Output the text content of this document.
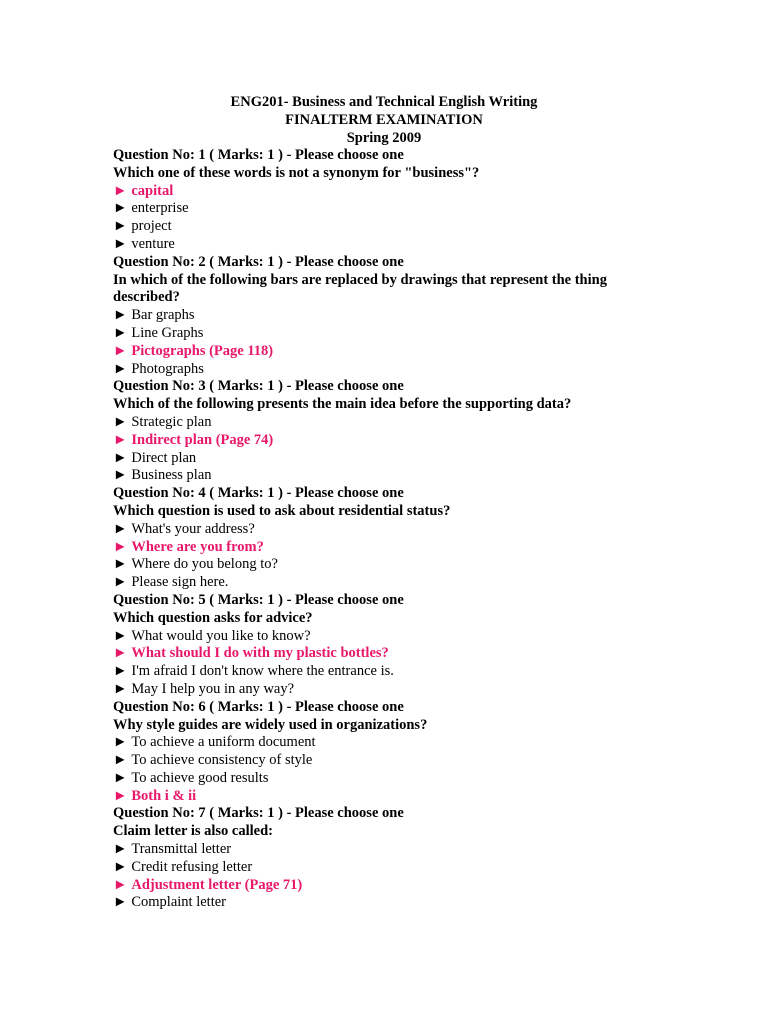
ENG201- Business and Technical English Writing
FINALTERM EXAMINATION
Spring 2009
Question No: 1 ( Marks: 1 ) - Please choose one
Which one of these words is not a synonym for "business"?
► capital
► enterprise
► project
► venture
Question No: 2 ( Marks: 1 ) - Please choose one
In which of the following bars are replaced by drawings that represent the thing described?
► Bar graphs
► Line Graphs
► Pictographs (Page 118)
► Photographs
Question No: 3 ( Marks: 1 ) - Please choose one
Which of the following presents the main idea before the supporting data?
► Strategic plan
► Indirect plan (Page 74)
► Direct plan
► Business plan
Question No: 4 ( Marks: 1 ) - Please choose one
Which question is used to ask about residential status?
► What's your address?
► Where are you from?
► Where do you belong to?
► Please sign here.
Question No: 5 ( Marks: 1 ) - Please choose one
Which question asks for advice?
► What would you like to know?
► What should I do with my plastic bottles?
► I'm afraid I don't know where the entrance is.
► May I help you in any way?
Question No: 6 ( Marks: 1 ) - Please choose one
Why style guides are widely used in organizations?
► To achieve a uniform document
► To achieve consistency of style
► To achieve good results
► Both i & ii
Question No: 7 ( Marks: 1 ) - Please choose one
Claim letter is also called:
► Transmittal letter
► Credit refusing letter
► Adjustment letter (Page 71)
► Complaint letter
